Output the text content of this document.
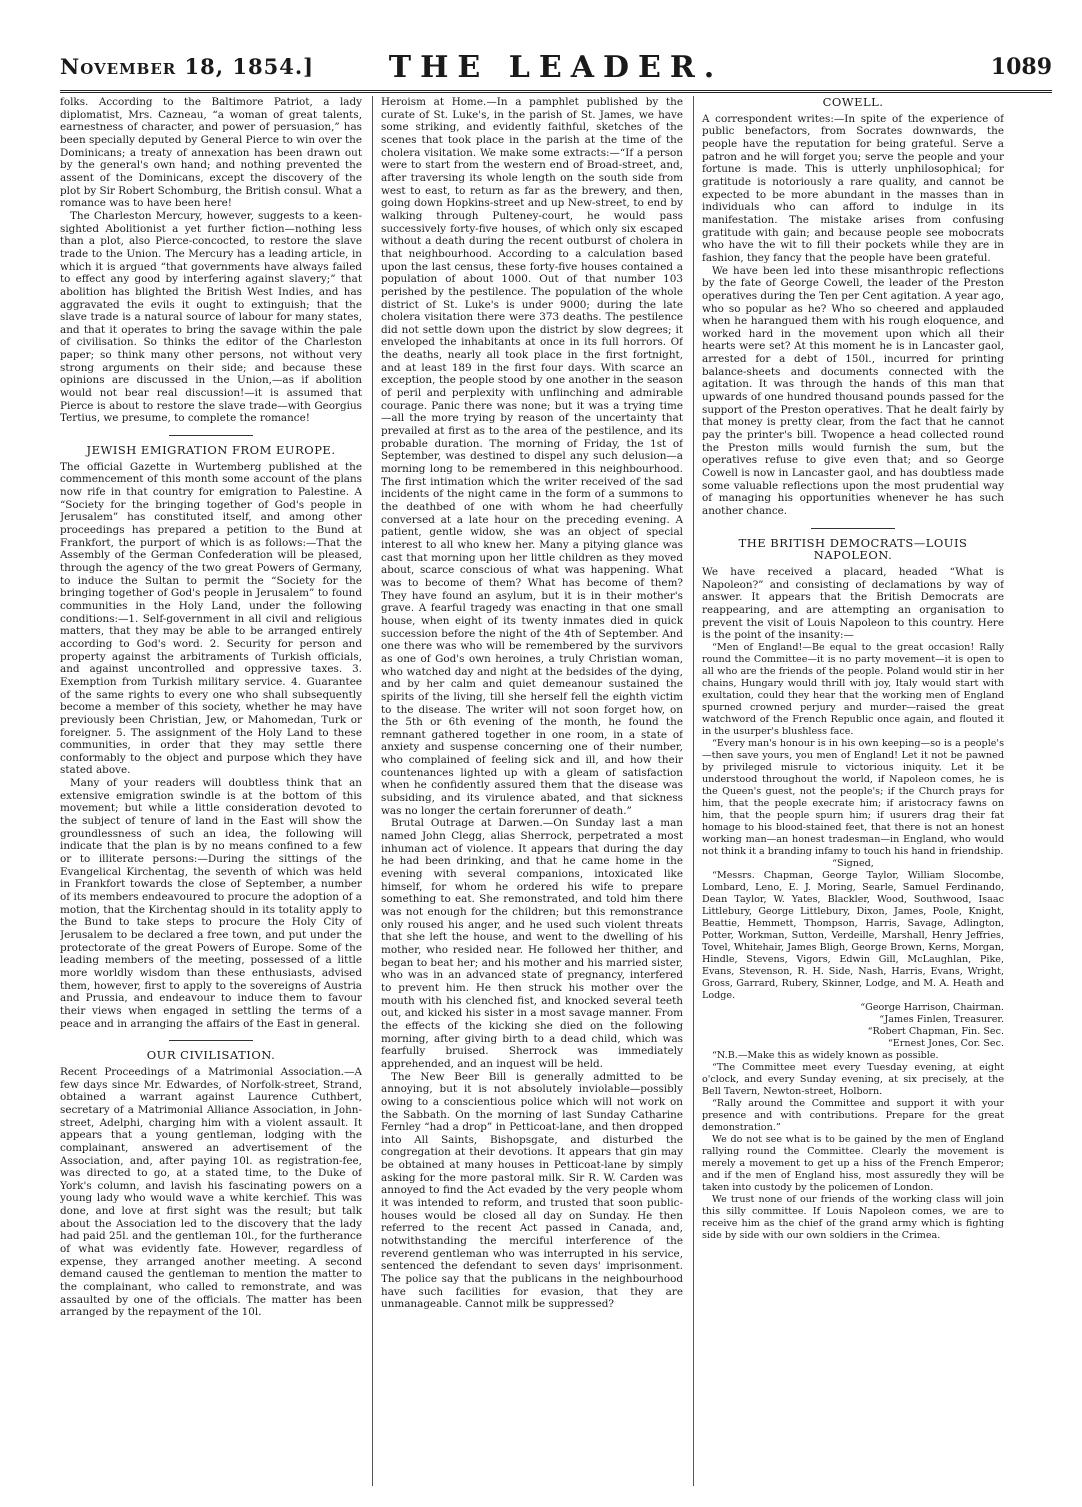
November 18, 1854.]	THE LEADER.	1089

folks. According to the Baltimore Patriot, a lady diplomatist, Mrs. Cazneau, “a woman of great talents, earnestness of character, and power of persuasion,” has been specially deputed by General Pierce to win over the Dominicans; a treaty of annexation has been drawn out by the general's own hand; and nothing prevented the assent of the Dominicans, except the discovery of the plot by Sir Robert Schomburg, the British consul. What a romance was to have been here!

The Charleston Mercury, however, suggests to a keen-sighted Abolitionist a yet further fiction—nothing less than a plot, also Pierce-concocted, to restore the slave trade to the Union. The Mercury has a leading article, in which it is argued “that governments have always failed to effect any good by interfering against slavery;” that abolition has blighted the British West Indies, and has aggravated the evils it ought to extinguish; that the slave trade is a natural source of labour for many states, and that it operates to bring the savage within the pale of civilisation. So thinks the editor of the Charleston paper; so think many other persons, not without very strong arguments on their side; and because these opinions are discussed in the Union,—as if abolition would not bear real discussion!—it is assumed that Pierce is about to restore the slave trade—with Georgius Tertius, we presume, to complete the romance!

JEWISH EMIGRATION FROM EUROPE.

The official Gazette in Wurtemberg published at the commencement of this month some account of the plans now rife in that country for emigration to Palestine. A “Society for the bringing together of God's people in Jerusalem” has constituted itself, and among other proceedings has prepared a petition to the Bund at Frankfort, the purport of which is as follows:—That the Assembly of the German Confederation will be pleased, through the agency of the two great Powers of Germany, to induce the Sultan to permit the “Society for the bringing together of God's people in Jerusalem” to found communities in the Holy Land, under the following conditions:—1. Self-government in all civil and religious matters, that they may be able to be arranged entirely according to God's word. 2. Security for person and property against the arbitraments of Turkish officials, and against uncontrolled and oppressive taxes. 3. Exemption from Turkish military service. 4. Guarantee of the same rights to every one who shall subsequently become a member of this society, whether he may have previously been Christian, Jew, or Mahomedan, Turk or foreigner. 5. The assignment of the Holy Land to these communities, in order that they may settle there conformably to the object and purpose which they have stated above.

Many of your readers will doubtless think that an extensive emigration swindle is at the bottom of this movement; but while a little consideration devoted to the subject of tenure of land in the East will show the groundlessness of such an idea, the following will indicate that the plan is by no means confined to a few or to illiterate persons:—During the sittings of the Evangelical Kirchentag, the seventh of which was held in Frankfort towards the close of September, a number of its members endeavoured to procure the adoption of a motion, that the Kirchentag should in its totality apply to the Bund to take steps to procure the Holy City of Jerusalem to be declared a free town, and put under the protectorate of the great Powers of Europe. Some of the leading members of the meeting, possessed of a little more worldly wisdom than these enthusiasts, advised them, however, first to apply to the sovereigns of Austria and Prussia, and endeavour to induce them to favour their views when engaged in settling the terms of a peace and in arranging the affairs of the East in general.

OUR CIVILISATION.

Recent Proceedings of a Matrimonial Association.—A few days since Mr. Edwardes, of Norfolk-street, Strand, obtained a warrant against Laurence Cuthbert, secretary of a Matrimonial Alliance Association, in John-street, Adelphi, charging him with a violent assault. It appears that a young gentleman, lodging with the complainant, answered an advertisement of the Association, and, after paying 10l. as registration-fee, was directed to go, at a stated time, to the Duke of York's column, and lavish his fascinating powers on a young lady who would wave a white kerchief. This was done, and love at first sight was the result; but talk about the Association led to the discovery that the lady had paid 25l. and the gentleman 10l., for the furtherance of what was evidently fate. However, regardless of expense, they arranged another meeting. A second demand caused the gentleman to mention the matter to the complainant, who called to remonstrate, and was assaulted by one of the officials. The matter has been arranged by the repayment of the 10l.

Heroism at Home.—In a pamphlet published by the curate of St. Luke's, in the parish of St. James, we have some striking, and evidently faithful, sketches of the scenes that took place in the parish at the time of the cholera visitation. We make some extracts:—“If a person were to start from the western end of Broad-street, and, after traversing its whole length on the south side from west to east, to return as far as the brewery, and then, going down Hopkins-street and up New-street, to end by walking through Pulteney-court, he would pass successively forty-five houses, of which only six escaped without a death during the recent outburst of cholera in that neighbourhood. According to a calculation based upon the last census, these forty-five houses contained a population of about 1000. Out of that number 103 perished by the pestilence. The population of the whole district of St. Luke's is under 9000; during the late cholera visitation there were 373 deaths. The pestilence did not settle down upon the district by slow degrees; it enveloped the inhabitants at once in its full horrors. Of the deaths, nearly all took place in the first fortnight, and at least 189 in the first four days. With scarce an exception, the people stood by one another in the season of peril and perplexity with unflinching and admirable courage. Panic there was none; but it was a trying time—all the more trying by reason of the uncertainty that prevailed at first as to the area of the pestilence, and its probable duration. The morning of Friday, the 1st of September, was destined to dispel any such delusion—a morning long to be remembered in this neighbourhood. The first intimation which the writer received of the sad incidents of the night came in the form of a summons to the deathbed of one with whom he had cheerfully conversed at a late hour on the preceding evening. A patient, gentle widow, she was an object of special interest to all who knew her. Many a pitying glance was cast that morning upon her little children as they moved about, scarce conscious of what was happening. What was to become of them? What has become of them? They have found an asylum, but it is in their mother's grave. A fearful tragedy was enacting in that one small house, when eight of its twenty inmates died in quick succession before the night of the 4th of September. And one there was who will be remembered by the survivors as one of God's own heroines, a truly Christian woman, who watched day and night at the bedsides of the dying, and by her calm and quiet demeanour sustained the spirits of the living, till she herself fell the eighth victim to the disease. The writer will not soon forget how, on the 5th or 6th evening of the month, he found the remnant gathered together in one room, in a state of anxiety and suspense concerning one of their number, who complained of feeling sick and ill, and how their countenances lighted up with a gleam of satisfaction when he confidently assured them that the disease was subsiding, and its virulence abated, and that sickness was no longer the certain forerunner of death.”

Brutal Outrage at Darwen.—On Sunday last a man named John Clegg, alias Sherrock, perpetrated a most inhuman act of violence. It appears that during the day he had been drinking, and that he came home in the evening with several companions, intoxicated like himself, for whom he ordered his wife to prepare something to eat. She remonstrated, and told him there was not enough for the children; but this remonstrance only roused his anger, and he used such violent threats that she left the house, and went to the dwelling of his mother, who resided near. He followed her thither, and began to beat her; and his mother and his married sister, who was in an advanced state of pregnancy, interfered to prevent him. He then struck his mother over the mouth with his clenched fist, and knocked several teeth out, and kicked his sister in a most savage manner. From the effects of the kicking she died on the following morning, after giving birth to a dead child, which was fearfully bruised. Sherrock was immediately apprehended, and an inquest will be held.

The New Beer Bill is generally admitted to be annoying, but it is not absolutely inviolable—possibly owing to a conscientious police which will not work on the Sabbath. On the morning of last Sunday Catharine Fernley “had a drop” in Petticoat-lane, and then dropped into All Saints, Bishopsgate, and disturbed the congregation at their devotions. It appears that gin may be obtained at many houses in Petticoat-lane by simply asking for the more pastoral milk. Sir R. W. Carden was annoyed to find the Act evaded by the very people whom it was intended to reform, and trusted that soon public-houses would be closed all day on Sunday. He then referred to the recent Act passed in Canada, and, notwithstanding the merciful interference of the reverend gentleman who was interrupted in his service, sentenced the defendant to seven days' imprisonment. The police say that the publicans in the neighbourhood have such facilities for evasion, that they are unmanageable. Cannot milk be suppressed?

COWELL.

A correspondent writes:—In spite of the experience of public benefactors, from Socrates downwards, the people have the reputation for being grateful. Serve a patron and he will forget you; serve the people and your fortune is made. This is utterly unphilosophical; for gratitude is notoriously a rare quality, and cannot be expected to be more abundant in the masses than in individuals who can afford to indulge in its manifestation. The mistake arises from confusing gratitude with gain; and because people see mobocrats who have the wit to fill their pockets while they are in fashion, they fancy that the people have been grateful.

We have been led into these misanthropic reflections by the fate of George Cowell, the leader of the Preston operatives during the Ten per Cent agitation. A year ago, who so popular as he? Who so cheered and applauded when he harangued them with his rough eloquence, and worked hard in the movement upon which all their hearts were set? At this moment he is in Lancaster gaol, arrested for a debt of 150l., incurred for printing balance-sheets and documents connected with the agitation. It was through the hands of this man that upwards of one hundred thousand pounds passed for the support of the Preston operatives. That he dealt fairly by that money is pretty clear, from the fact that he cannot pay the printer's bill. Twopence a head collected round the Preston mills would furnish the sum, but the operatives refuse to give even that; and so George Cowell is now in Lancaster gaol, and has doubtless made some valuable reflections upon the most prudential way of managing his opportunities whenever he has such another chance.

THE BRITISH DEMOCRATS—LOUIS NAPOLEON.

We have received a placard, headed “What is Napoleon?” and consisting of declamations by way of answer. It appears that the British Democrats are reappearing, and are attempting an organisation to prevent the visit of Louis Napoleon to this country. Here is the point of the insanity:—

“Men of England!—Be equal to the great occasion! Rally round the Committee—it is no party movement—it is open to all who are the friends of the people. Poland would stir in her chains, Hungary would thrill with joy, Italy would start with exultation, could they hear that the working men of England spurned crowned perjury and murder—raised the great watchword of the French Republic once again, and flouted it in the usurper's blushless face.

“Every man's honour is in his own keeping—so is a people's—then save yours, you men of England! Let it not be pawned by privileged misrule to victorious iniquity. Let it be understood throughout the world, if Napoleon comes, he is the Queen's guest, not the people's; if the Church prays for him, that the people execrate him; if aristocracy fawns on him, that the people spurn him; if usurers drag their fat homage to his blood-stained feet, that there is not an honest working man—an honest tradesman—in England, who would not think it a branding infamy to touch his hand in friendship.

“Signed,

“Messrs. Chapman, George Taylor, William Slocombe, Lombard, Leno, E. J. Moring, Searle, Samuel Ferdinando, Dean Taylor, W. Yates, Blackler, Wood, Southwood, Isaac Littlebury, George Littlebury, Dixon, James, Poole, Knight, Beattie, Hemmett, Thompson, Harris, Savage, Adlington, Potter, Workman, Sutton, Verdeille, Marshall, Henry Jeffries, Tovel, Whitehair, James Bligh, George Brown, Kerns, Morgan, Hindle, Stevens, Vigors, Edwin Gill, McLaughlan, Pike, Evans, Stevenson, R. H. Side, Nash, Harris, Evans, Wright, Gross, Garrard, Rubery, Skinner, Lodge, and M. A. Heath and Lodge.

“George Harrison, Chairman.

“James Finlen, Treasurer.

“Robert Chapman, Fin. Sec.

“Ernest Jones, Cor. Sec.

“N.B.—Make this as widely known as possible.

“The Committee meet every Tuesday evening, at eight o'clock, and every Sunday evening, at six precisely, at the Bell Tavern, Newton-street, Holborn.

“Rally around the Committee and support it with your presence and with contributions. Prepare for the great demonstration.”

We do not see what is to be gained by the men of England rallying round the Committee. Clearly the movement is merely a movement to get up a hiss of the French Emperor; and if the men of England hiss, most assuredly they will be taken into custody by the policemen of London.

We trust none of our friends of the working class will join this silly committee. If Louis Napoleon comes, we are to receive him as the chief of the grand army which is fighting side by side with our own soldiers in the Crimea.
